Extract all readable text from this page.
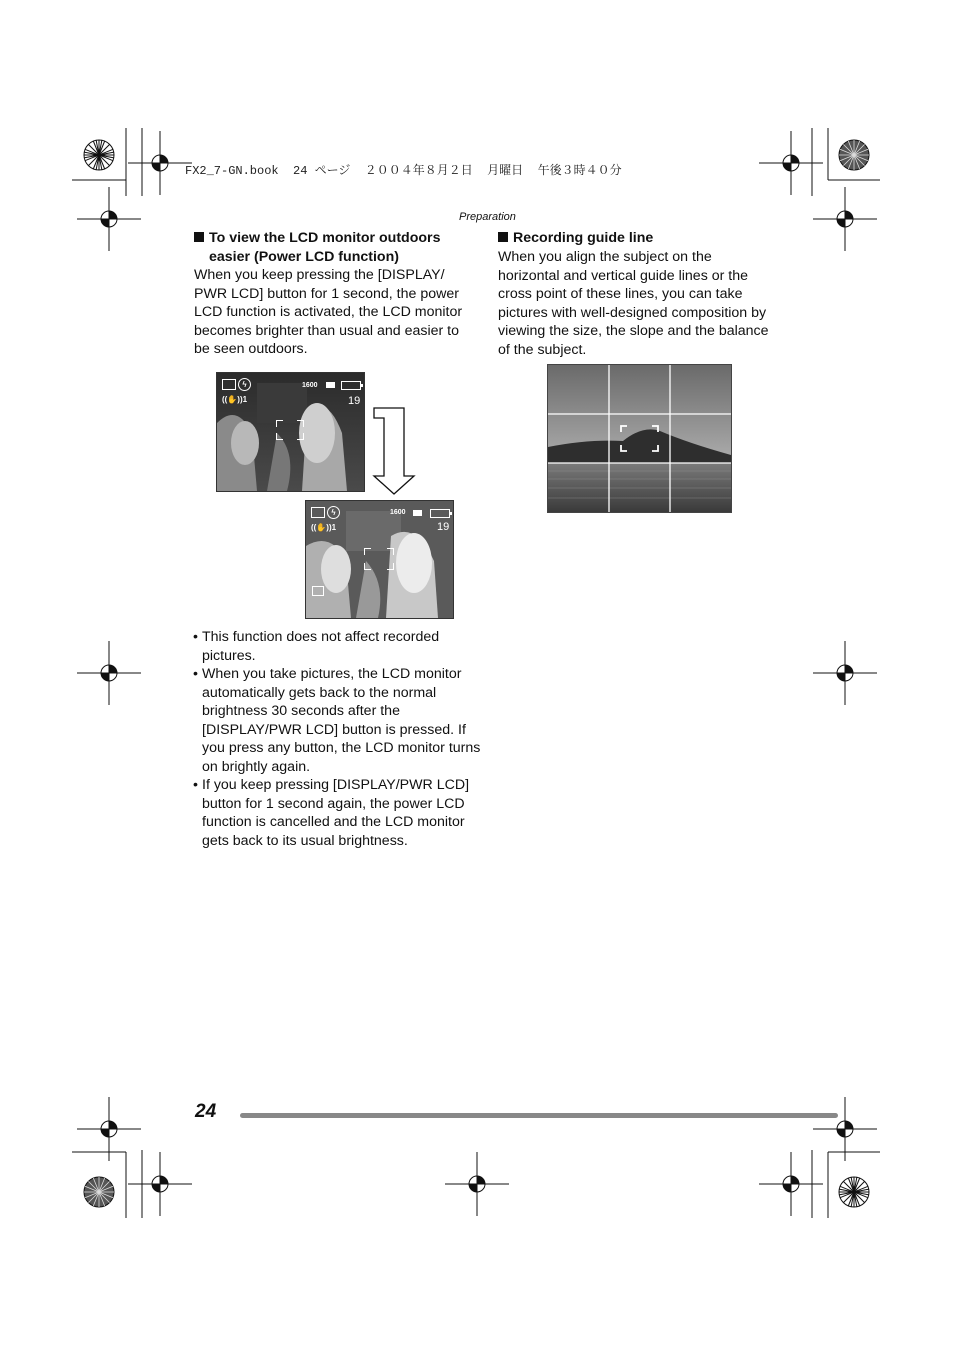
FX2_7-GN.book  24 ページ  ２００４年８月２日  月曜日  午後３時４０分
Preparation
To view the LCD monitor outdoors
easier (Power LCD function)
When you keep pressing the [DISPLAY/
PWR LCD] button for 1 second, the power
LCD function is activated, the LCD monitor
becomes brighter than usual and easier to
be seen outdoors.
ϟ	1600
((✋))1	19
ϟ	1600
((✋))1	19
• This function does not affect recorded pictures.
• When you take pictures, the LCD monitor automatically gets back to the normal brightness 30 seconds after the [DISPLAY/PWR LCD] button is pressed. If you press any button, the LCD monitor turns on brightly again.
• If you keep pressing [DISPLAY/PWR LCD] button for 1 second again, the power LCD function is cancelled and the LCD monitor gets back to its usual brightness.
Recording guide line
When you align the subject on the
horizontal and vertical guide lines or the
cross point of these lines, you can take
pictures with well-designed composition by
viewing the size, the slope and the balance
of the subject.
24
